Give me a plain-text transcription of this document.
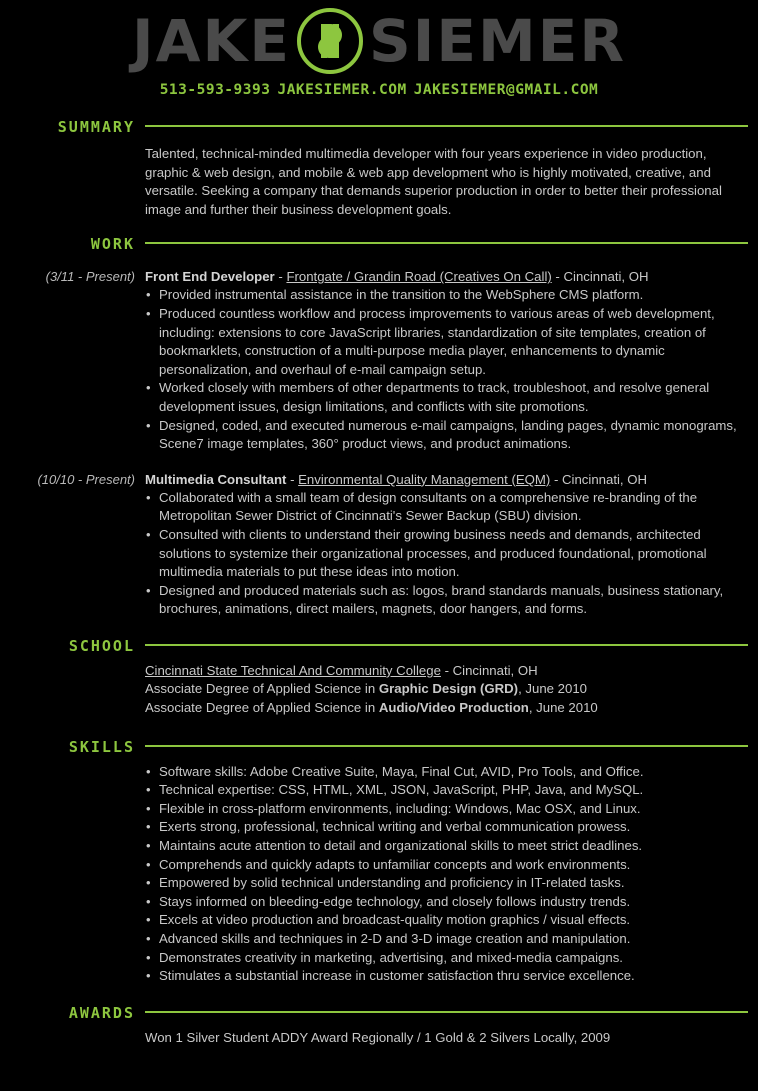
JAKE SIEMER
513-593-9393 JAKESIEMER.COM JAKESIEMER@GMAIL.COM
SUMMARY
Talented, technical-minded multimedia developer with four years experience in video production, graphic & web design, and mobile & web app development who is highly motivated, creative, and versatile. Seeking a company that demands superior production in order to better their professional image and further their business development goals.
WORK
(3/11 - Present) Front End Developer - Frontgate / Grandin Road (Creatives On Call) - Cincinnati, OH
• Provided instrumental assistance in the transition to the WebSphere CMS platform.
• Produced countless workflow and process improvements to various areas of web development, including: extensions to core JavaScript libraries, standardization of site templates, creation of bookmarklets, construction of a multi-purpose media player, enhancements to dynamic personalization, and overhaul of e-mail campaign setup.
• Worked closely with members of other departments to track, troubleshoot, and resolve general development issues, design limitations, and conflicts with site promotions.
• Designed, coded, and executed numerous e-mail campaigns, landing pages, dynamic monograms, Scene7 image templates, 360° product views, and product animations.
(10/10 - Present) Multimedia Consultant - Environmental Quality Management (EQM) - Cincinnati, OH
• Collaborated with a small team of design consultants on a comprehensive re-branding of the Metropolitan Sewer District of Cincinnati's Sewer Backup (SBU) division.
• Consulted with clients to understand their growing business needs and demands, architected solutions to systemize their organizational processes, and produced foundational, promotional multimedia materials to put these ideas into motion.
• Designed and produced materials such as: logos, brand standards manuals, business stationary, brochures, animations, direct mailers, magnets, door hangers, and forms.
SCHOOL
Cincinnati State Technical And Community College - Cincinnati, OH
Associate Degree of Applied Science in Graphic Design (GRD), June 2010
Associate Degree of Applied Science in Audio/Video Production, June 2010
SKILLS
• Software skills: Adobe Creative Suite, Maya, Final Cut, AVID, Pro Tools, and Office.
• Technical expertise: CSS, HTML, XML, JSON, JavaScript, PHP, Java, and MySQL.
• Flexible in cross-platform environments, including: Windows, Mac OSX, and Linux.
• Exerts strong, professional, technical writing and verbal communication prowess.
• Maintains acute attention to detail and organizational skills to meet strict deadlines.
• Comprehends and quickly adapts to unfamiliar concepts and work environments.
• Empowered by solid technical understanding and proficiency in IT-related tasks.
• Stays informed on bleeding-edge technology, and closely follows industry trends.
• Excels at video production and broadcast-quality motion graphics / visual effects.
• Advanced skills and techniques in 2-D and 3-D image creation and manipulation.
• Demonstrates creativity in marketing, advertising, and mixed-media campaigns.
• Stimulates a substantial increase in customer satisfaction thru service excellence.
AWARDS
Won 1 Silver Student ADDY Award Regionally / 1 Gold & 2 Silvers Locally, 2009
